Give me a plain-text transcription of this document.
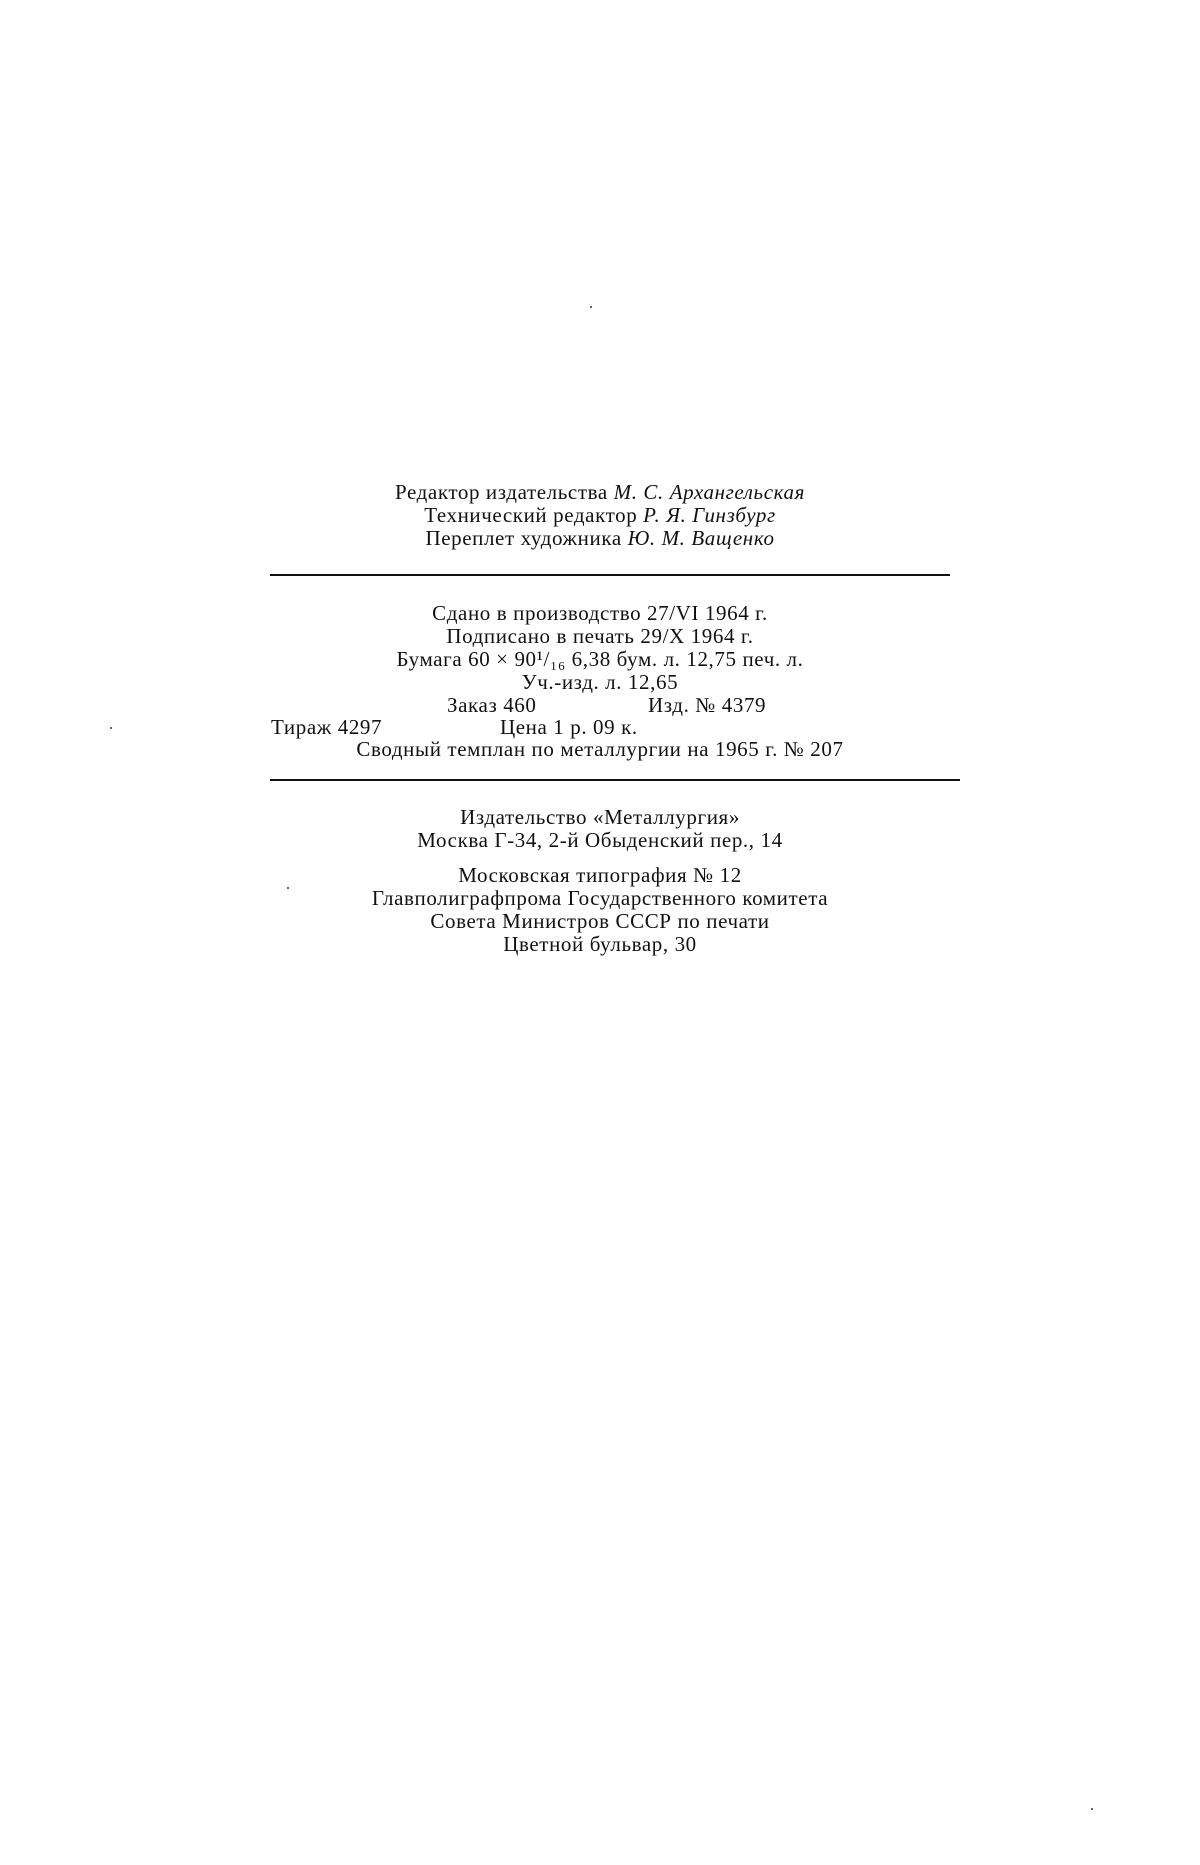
Редактор издательства М. С. Архангельская
Технический редактор Р. Я. Гинзбург
Переплет художника Ю. М. Ващенко
Сдано в производство 27/VI 1964 г.
Подписано в печать 29/X 1964 г.
Бумага 60 × 90¹/₁₆ 6,38 бум. л. 12,75 печ. л.
Уч.-изд. л. 12,65
Заказ 460	Изд. № 4379
Тираж 4297	Цена 1 р. 09 к.
Сводный темплан по металлургии на 1965 г. № 207
Издательство «Металлургия»
Москва Г-34, 2-й Обыденский пер., 14
Московская типография № 12
Главполиграфпрома Государственного комитета
Совета Министров СССР по печати
Цветной бульвар, 30
